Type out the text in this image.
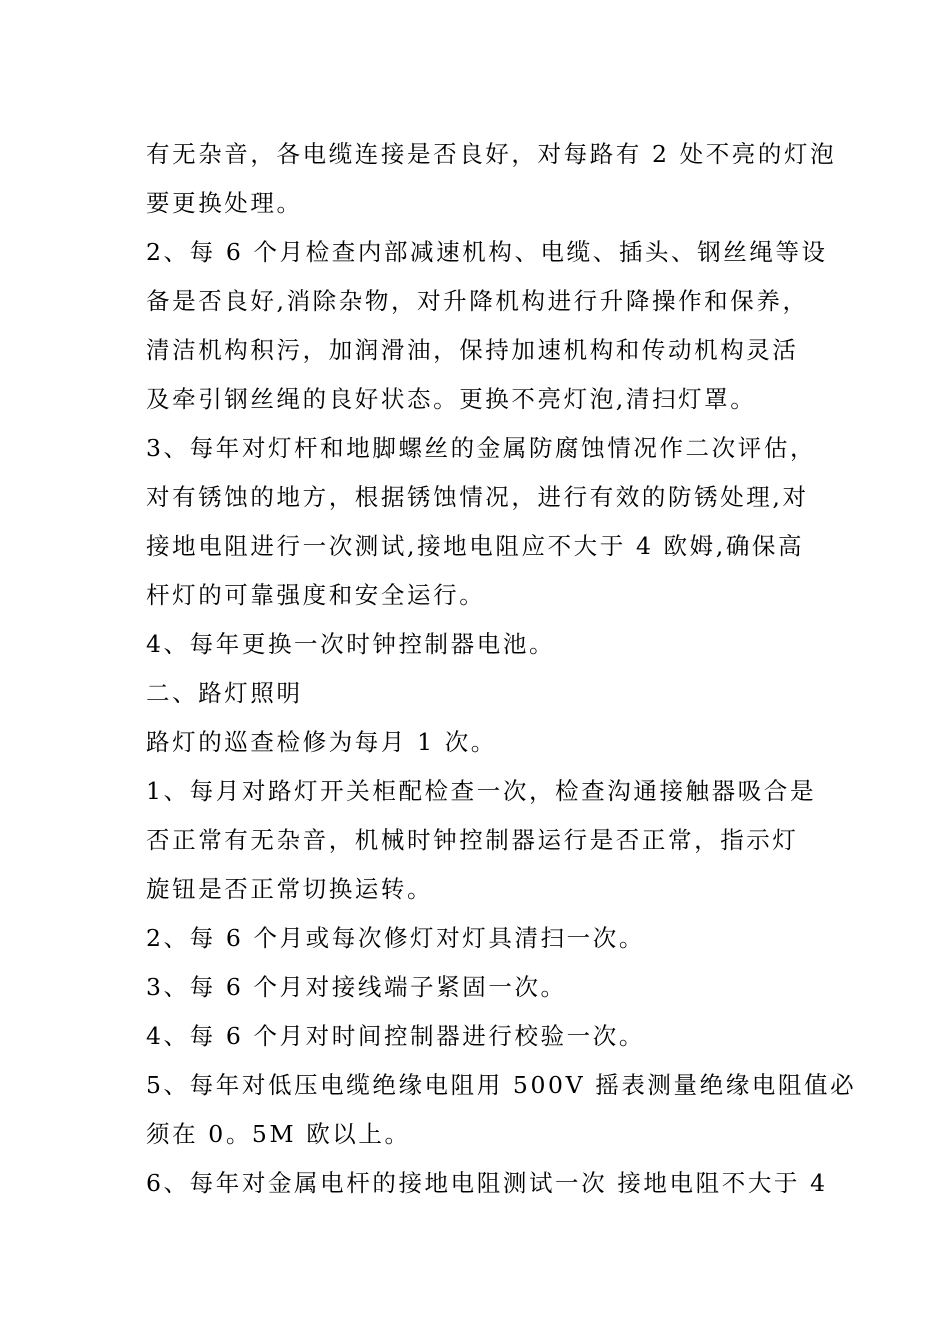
有无杂音，各电缆连接是否良好，对每路有 2 处不亮的灯泡
要更换处理。
2、每 6 个月检查内部减速机构、电缆、插头、钢丝绳等设
备是否良好,消除杂物，对升降机构进行升降操作和保养，
清洁机构积污，加润滑油，保持加速机构和传动机构灵活
及牵引钢丝绳的良好状态。更换不亮灯泡,清扫灯罩。
3、每年对灯杆和地脚螺丝的金属防腐蚀情况作二次评估，
对有锈蚀的地方，根据锈蚀情况，进行有效的防锈处理,对
接地电阻进行一次测试,接地电阻应不大于 4 欧姆,确保高
杆灯的可靠强度和安全运行。
4、每年更换一次时钟控制器电池。
二、路灯照明
路灯的巡查检修为每月 1 次。
1、每月对路灯开关柜配检查一次，检查沟通接触器吸合是
否正常有无杂音，机械时钟控制器运行是否正常，指示灯
旋钮是否正常切换运转。
2、每 6 个月或每次修灯对灯具清扫一次。
3、每 6 个月对接线端子紧固一次。
4、每 6 个月对时间控制器进行校验一次。
5、每年对低压电缆绝缘电阻用 500V 摇表测量绝缘电阻值必
须在 0。5M 欧以上。
6、每年对金属电杆的接地电阻测试一次 接地电阻不大于 4
